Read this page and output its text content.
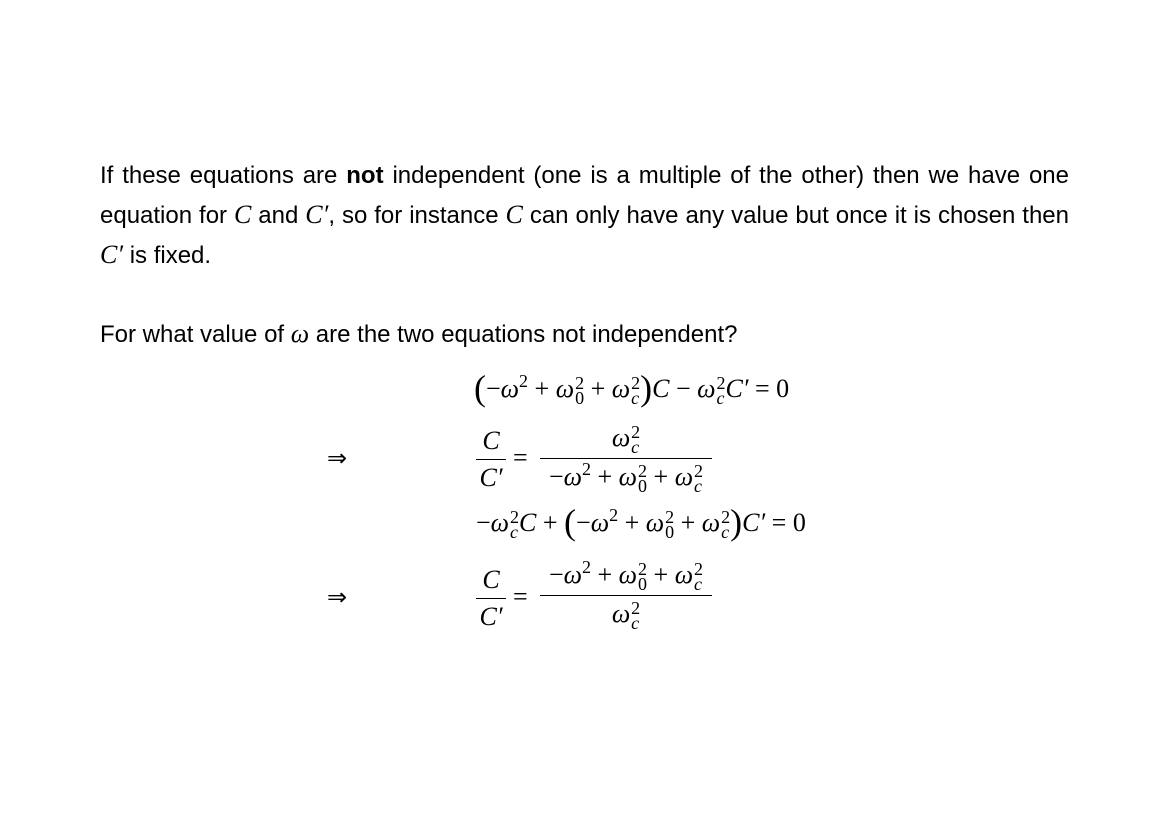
If these equations are not independent (one is a multiple of the other) then we have one equation for C and C′, so for instance C can only have any value but once it is chosen then C′ is fixed.
For what value of ω are the two equations not independent?
($-\omega^2 + \omega$ 2
0 + ω 2
c )C − ω 2
c C′ = 0
⇒
C
C′
=
ω 2
c
$-\omega^2 + \omega$ 2
0 + ω 2
c
−ω 2
c $C + (-\omega^2 + \omega$ 2
0 + ω 2
c )C′ = 0
⇒
C
C′
=
$-\omega^2 + \omega$ 2
0 + ω 2
c
ω 2
c
